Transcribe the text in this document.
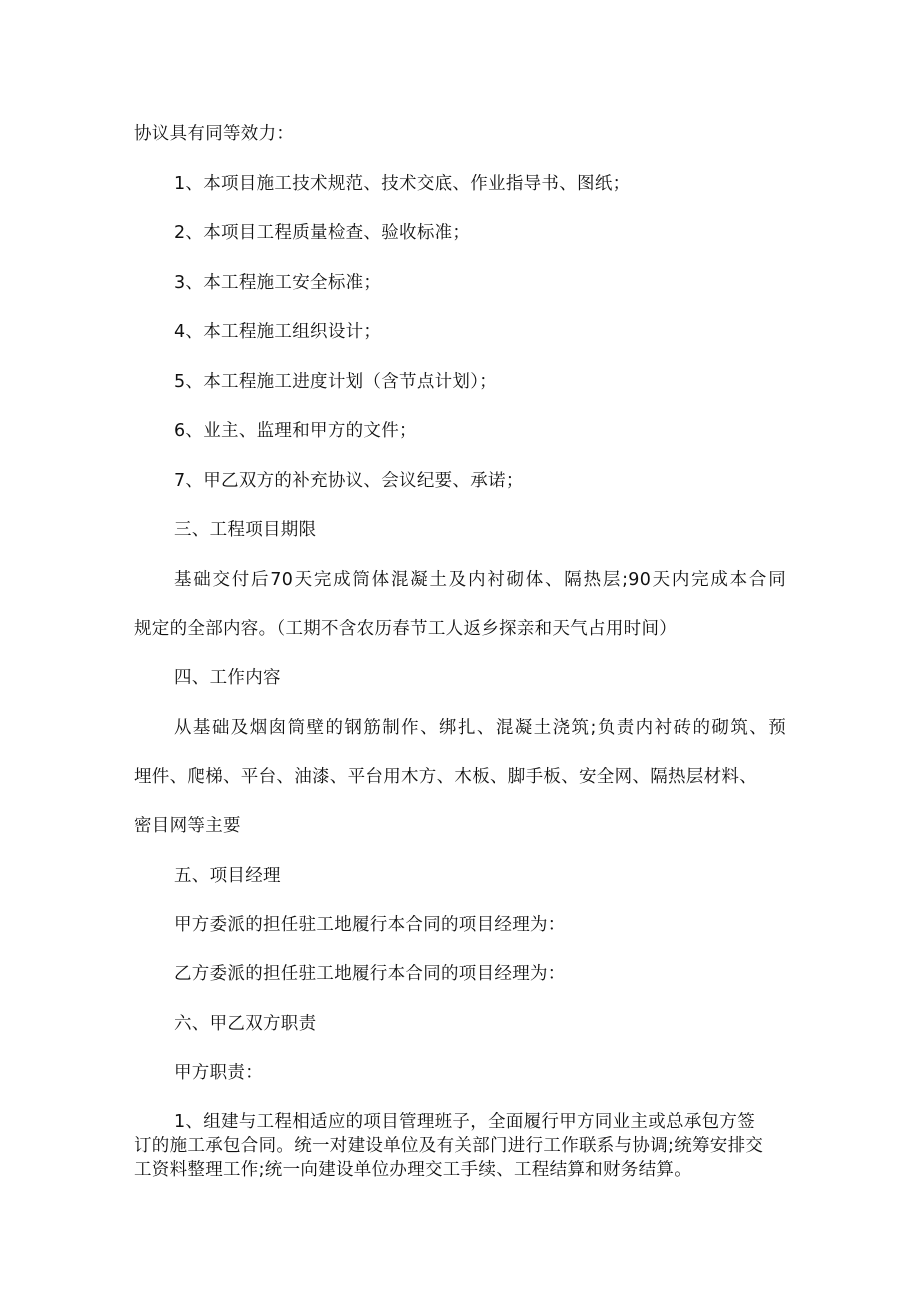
协议具有同等效力：
1、本项目施工技术规范、技术交底、作业指导书、图纸；
2、本项目工程质量检查、验收标准；
3、本工程施工安全标准；
4、本工程施工组织设计；
5、本工程施工进度计划（含节点计划）；
6、业主、监理和甲方的文件；
7、甲乙双方的补充协议、会议纪要、承诺；
三、工程项目期限
基础交付后70天完成筒体混凝土及内衬砌体、隔热层;90天内完成本合同
规定的全部内容。（工期不含农历春节工人返乡探亲和天气占用时间）
四、工作内容
从基础及烟囱筒壁的钢筋制作、绑扎、混凝土浇筑;负责内衬砖的砌筑、预
埋件、爬梯、平台、油漆、平台用木方、木板、脚手板、安全网、隔热层材料、
密目网等主要
五、项目经理
甲方委派的担任驻工地履行本合同的项目经理为：
乙方委派的担任驻工地履行本合同的项目经理为：
六、甲乙双方职责
甲方职责：
1、组建与工程相适应的项目管理班子，全面履行甲方同业主或总承包方签
订的施工承包合同。统一对建设单位及有关部门进行工作联系与协调;统筹安排交
工资料整理工作;统一向建设单位办理交工手续、工程结算和财务结算。
